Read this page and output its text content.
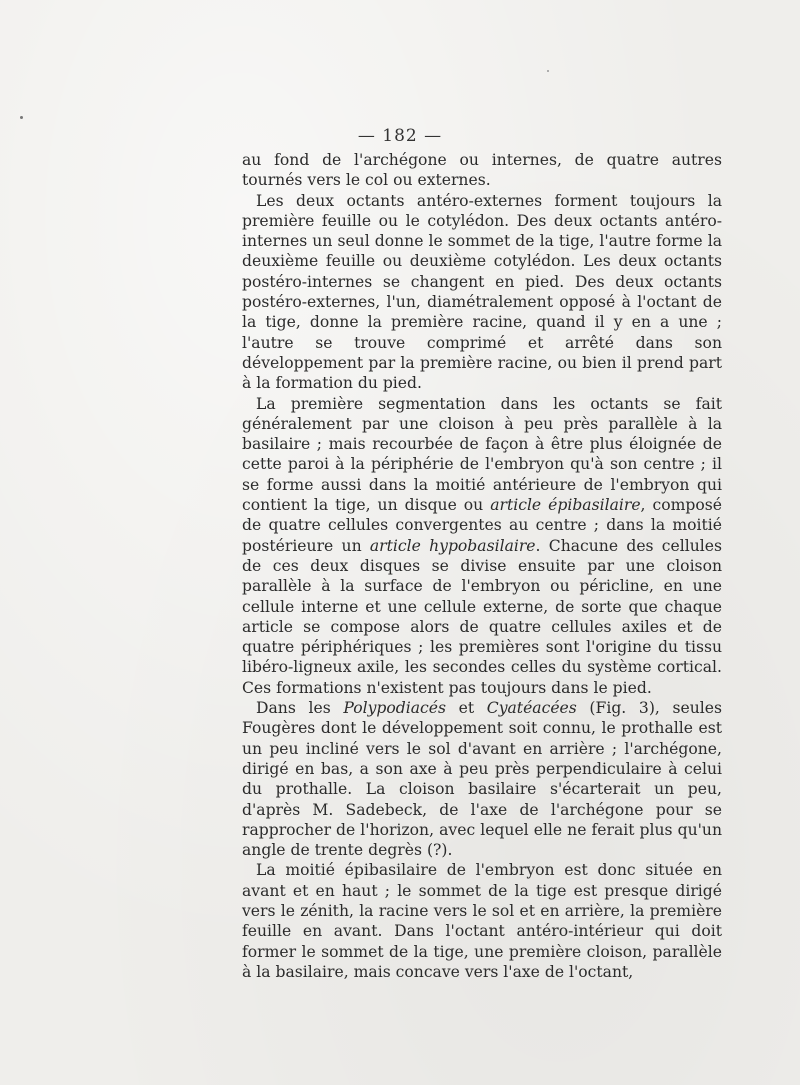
— 182 —

au fond de l'archégone ou internes, de quatre autres tournés vers le col ou externes.

Les deux octants antéro-externes forment toujours la première feuille ou le cotylédon. Des deux octants antéro-internes un seul donne le sommet de la tige, l'autre forme la deuxième feuille ou deuxième cotylédon. Les deux octants postéro-internes se changent en pied. Des deux octants postéro-externes, l'un, diamétralement opposé à l'octant de la tige, donne la première racine, quand il y en a une ; l'autre se trouve comprimé et arrêté dans son développement par la première racine, ou bien il prend part à la formation du pied.

La première segmentation dans les octants se fait généralement par une cloison à peu près parallèle à la basilaire ; mais recourbée de façon à être plus éloignée de cette paroi à la périphérie de l'embryon qu'à son centre ; il se forme aussi dans la moitié antérieure de l'embryon qui contient la tige, un disque ou article épibasilaire, composé de quatre cellules convergentes au centre ; dans la moitié postérieure un article hypobasilaire. Chacune des cellules de ces deux disques se divise ensuite par une cloison parallèle à la surface de l'embryon ou péricline, en une cellule interne et une cellule externe, de sorte que chaque article se compose alors de quatre cellules axiles et de quatre périphériques ; les premières sont l'origine du tissu libéro-ligneux axile, les secondes celles du système cortical. Ces formations n'existent pas toujours dans le pied.

Dans les Polypodiacés et Cyatéacées (Fig. 3), seules Fougères dont le développement soit connu, le prothalle est un peu incliné vers le sol d'avant en arrière ; l'archégone, dirigé en bas, a son axe à peu près perpendiculaire à celui du prothalle. La cloison basilaire s'écarterait un peu, d'après M. Sadebeck, de l'axe de l'archégone pour se rapprocher de l'horizon, avec lequel elle ne ferait plus qu'un angle de trente degrès (?).

La moitié épibasilaire de l'embryon est donc située en avant et en haut ; le sommet de la tige est presque dirigé vers le zénith, la racine vers le sol et en arrière, la première feuille en avant. Dans l'octant antéro-intérieur qui doit former le sommet de la tige, une première cloison, parallèle à la basilaire, mais concave vers l'axe de l'octant,
